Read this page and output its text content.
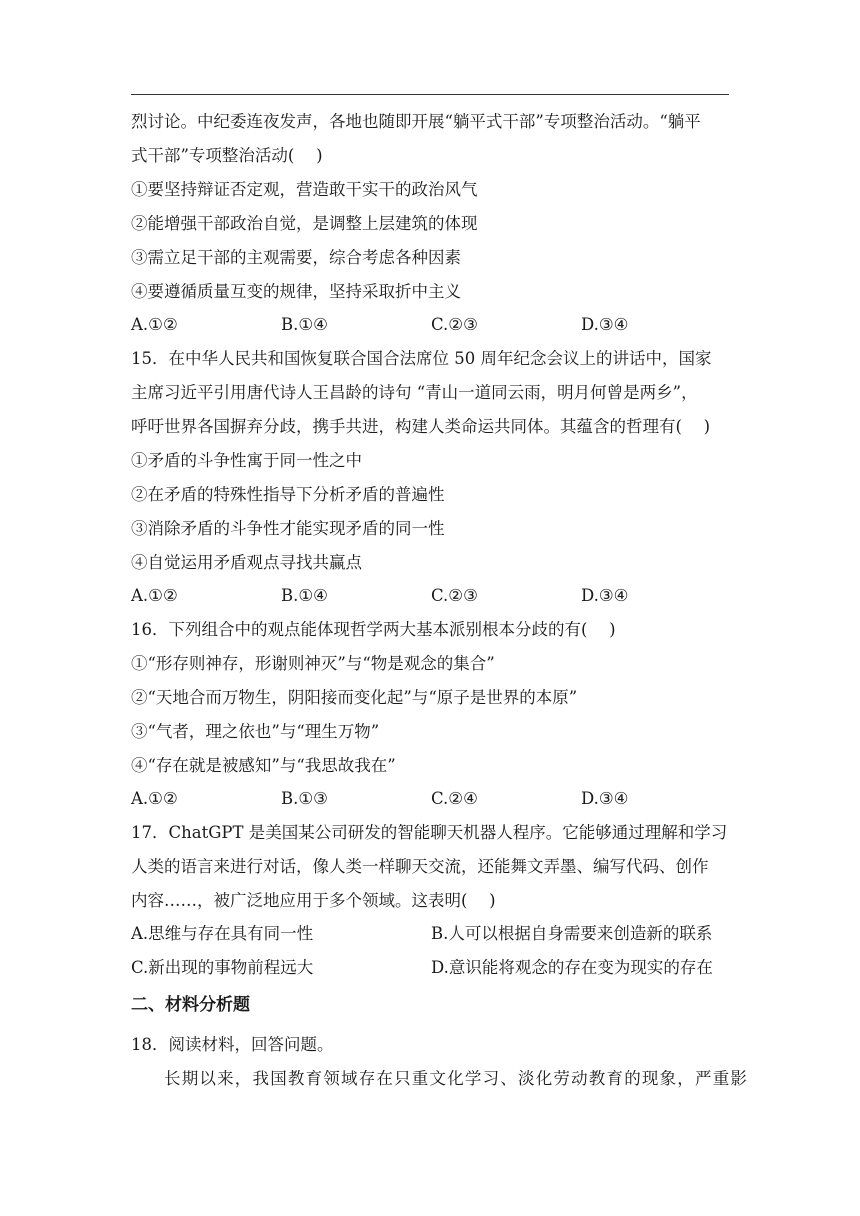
烈讨论。中纪委连夜发声，各地也随即开展“躺平式干部”专项整治活动。“躺平
式干部”专项整治活动(　 )
①要坚持辩证否定观，营造敢干实干的政治风气
②能增强干部政治自觉，是调整上层建筑的体现
③需立足干部的主观需要，综合考虑各种因素
④要遵循质量互变的规律，坚持采取折中主义
A.①②	B.①④	C.②③	D.③④
15．在中华人民共和国恢复联合国合法席位 50 周年纪念会议上的讲话中，国家
主席习近平引用唐代诗人王昌龄的诗句 “青山一道同云雨，明月何曾是两乡”，
呼吁世界各国摒弃分歧，携手共进，构建人类命运共同体。其蕴含的哲理有(　 )
①矛盾的斗争性寓于同一性之中
②在矛盾的特殊性指导下分析矛盾的普遍性
③消除矛盾的斗争性才能实现矛盾的同一性
④自觉运用矛盾观点寻找共赢点
A.①②	B.①④	C.②③	D.③④
16．下列组合中的观点能体现哲学两大基本派别根本分歧的有(　 )
①“形存则神存，形谢则神灭”与“物是观念的集合”
②“天地合而万物生，阴阳接而变化起”与“原子是世界的本原”
③“气者，理之依也”与“理生万物”
④“存在就是被感知”与“我思故我在”
A.①②	B.①③	C.②④	D.③④
17．ChatGPT 是美国某公司研发的智能聊天机器人程序。它能够通过理解和学习
人类的语言来进行对话，像人类一样聊天交流，还能舞文弄墨、编写代码、创作
内容……，被广泛地应用于多个领域。这表明(　 )
A.思维与存在具有同一性	B.人可以根据自身需要来创造新的联系
C.新出现的事物前程远大	D.意识能将观念的存在变为现实的存在
二、材料分析题
18．阅读材料，回答问题。
长期以来，我国教育领域存在只重文化学习、淡化劳动教育的现象，严重影
